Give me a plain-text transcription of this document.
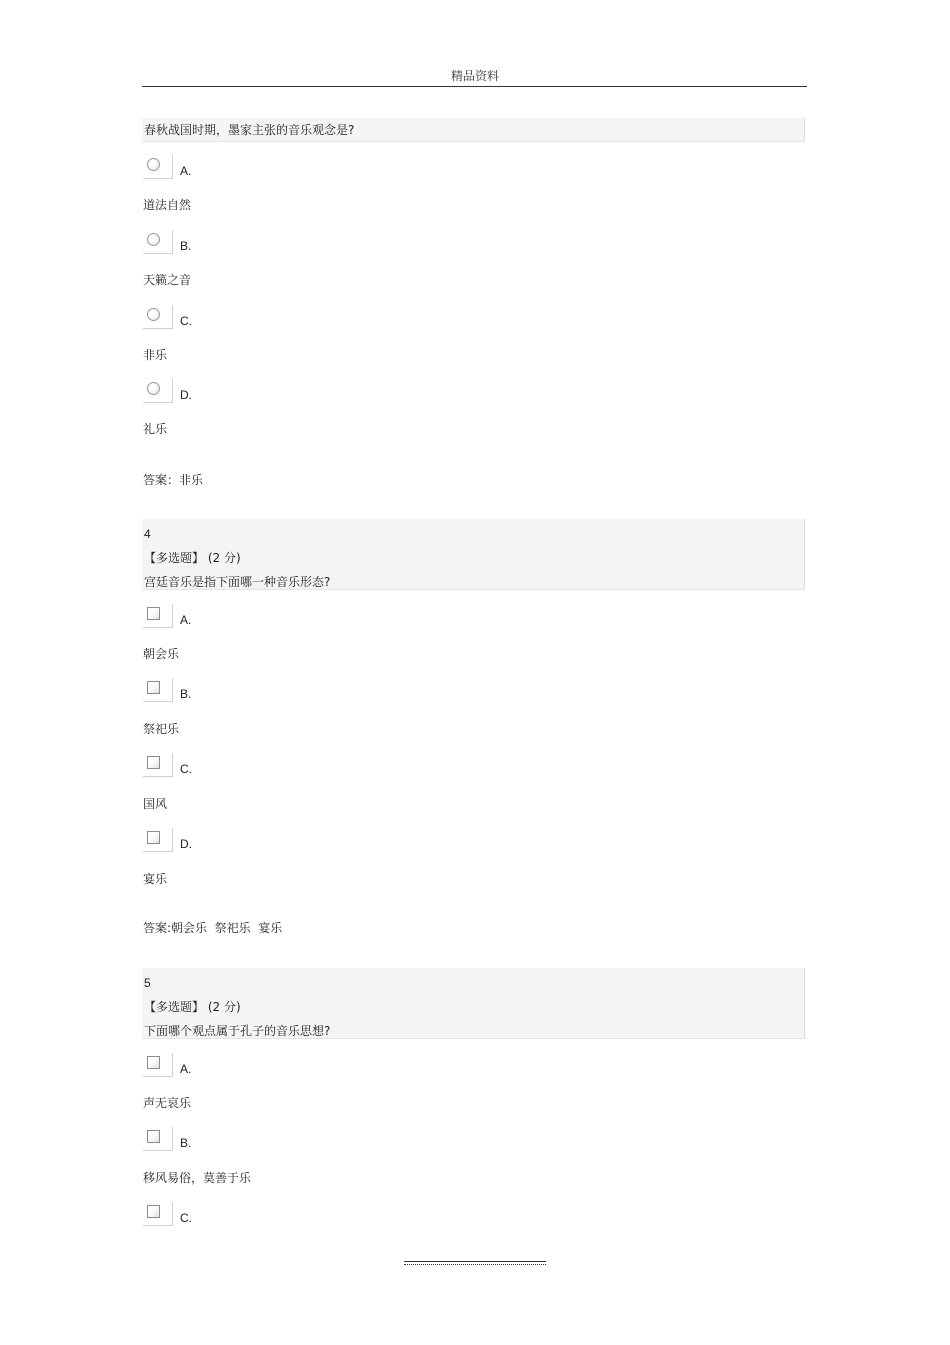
精品资料
春秋战国时期，墨家主张的音乐观念是?
A.
道法自然
B.
天籁之音
C.
非乐
D.
礼乐
答案：非乐
4
【多选题】 (2 分)
宫廷音乐是指下面哪一种音乐形态?
A.
朝会乐
B.
祭祀乐
C.
国风
D.
宴乐
答案:朝会乐  祭祀乐  宴乐
5
【多选题】 (2 分)
下面哪个观点属于孔子的音乐思想?
A.
声无哀乐
B.
移风易俗，莫善于乐
C.
